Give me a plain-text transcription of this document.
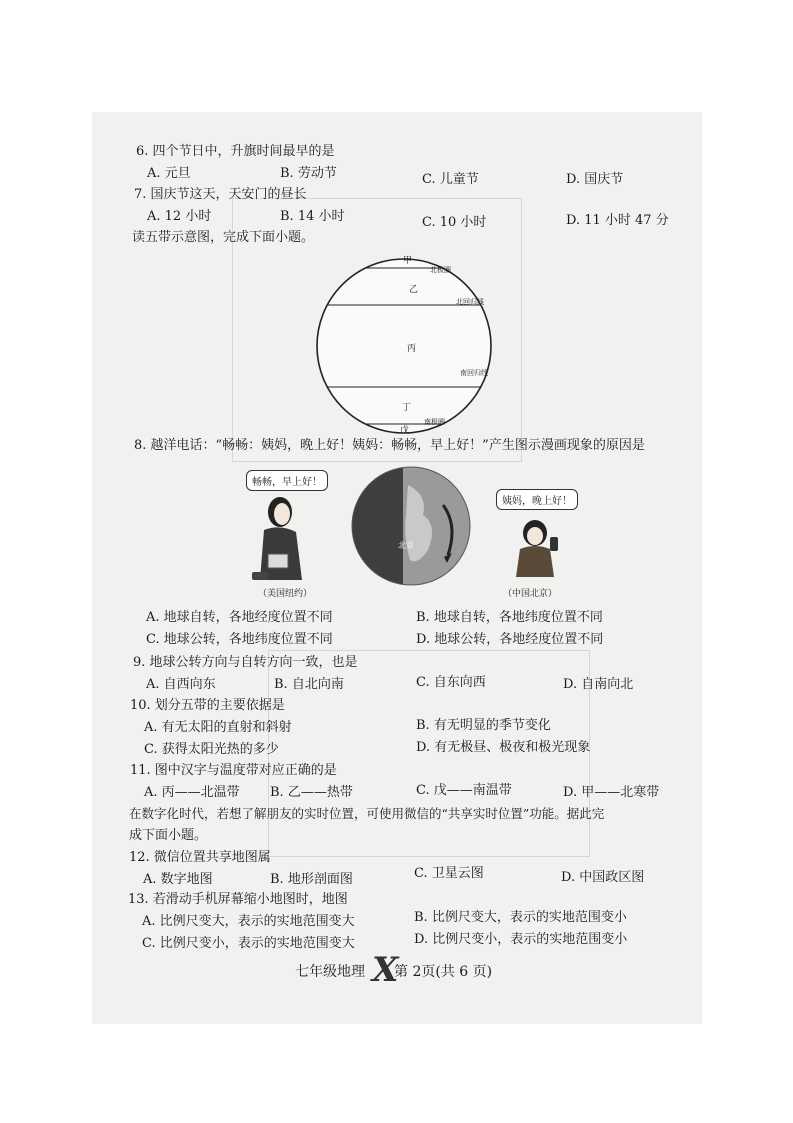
6. 四个节日中，升旗时间最早的是
A. 元旦	B. 劳动节	C. 儿童节	D. 国庆节
7. 国庆节这天，天安门的昼长
A. 12 小时	B. 14 小时	C. 10 小时	D. 11 小时 47 分
读五带示意图，完成下面小题。
甲
北极圈
乙
北回归线
丙
南回归线
丁
南极圈
戊
8. 越洋电话：“畅畅：姨妈，晚上好！姨妈：畅畅，早上好！”产生图示漫画现象的原因是
畅畅，早上好！
北京
姨妈，晚上好！
（美国纽约）	（中国北京）
A. 地球自转，各地经度位置不同	B. 地球自转，各地纬度位置不同
C. 地球公转，各地纬度位置不同	D. 地球公转，各地经度位置不同
9. 地球公转方向与自转方向一致，也是
A. 自西向东	B. 自北向南	C. 自东向西	D. 自南向北
10. 划分五带的主要依据是
A. 有无太阳的直射和斜射	B. 有无明显的季节变化
C. 获得太阳光热的多少	D. 有无极昼、极夜和极光现象
11. 图中汉字与温度带对应正确的是
A. 丙——北温带 B. 乙——热带	C. 戊——南温带	D. 甲——北寒带
在数字化时代，若想了解朋友的实时位置，可使用微信的“共享实时位置”功能。据此完
成下面小题。
12. 微信位置共享地图属
A. 数字地图	B. 地形剖面图	C. 卫星云图	D. 中国政区图
13. 若滑动手机屏幕缩小地图时，地图
A. 比例尺变大，表示的实地范围变大	B. 比例尺变大，表示的实地范围变小
C. 比例尺变小，表示的实地范围变大	D. 比例尺变小，表示的实地范围变小
七年级地理 X
第 2页(共 6 页)
